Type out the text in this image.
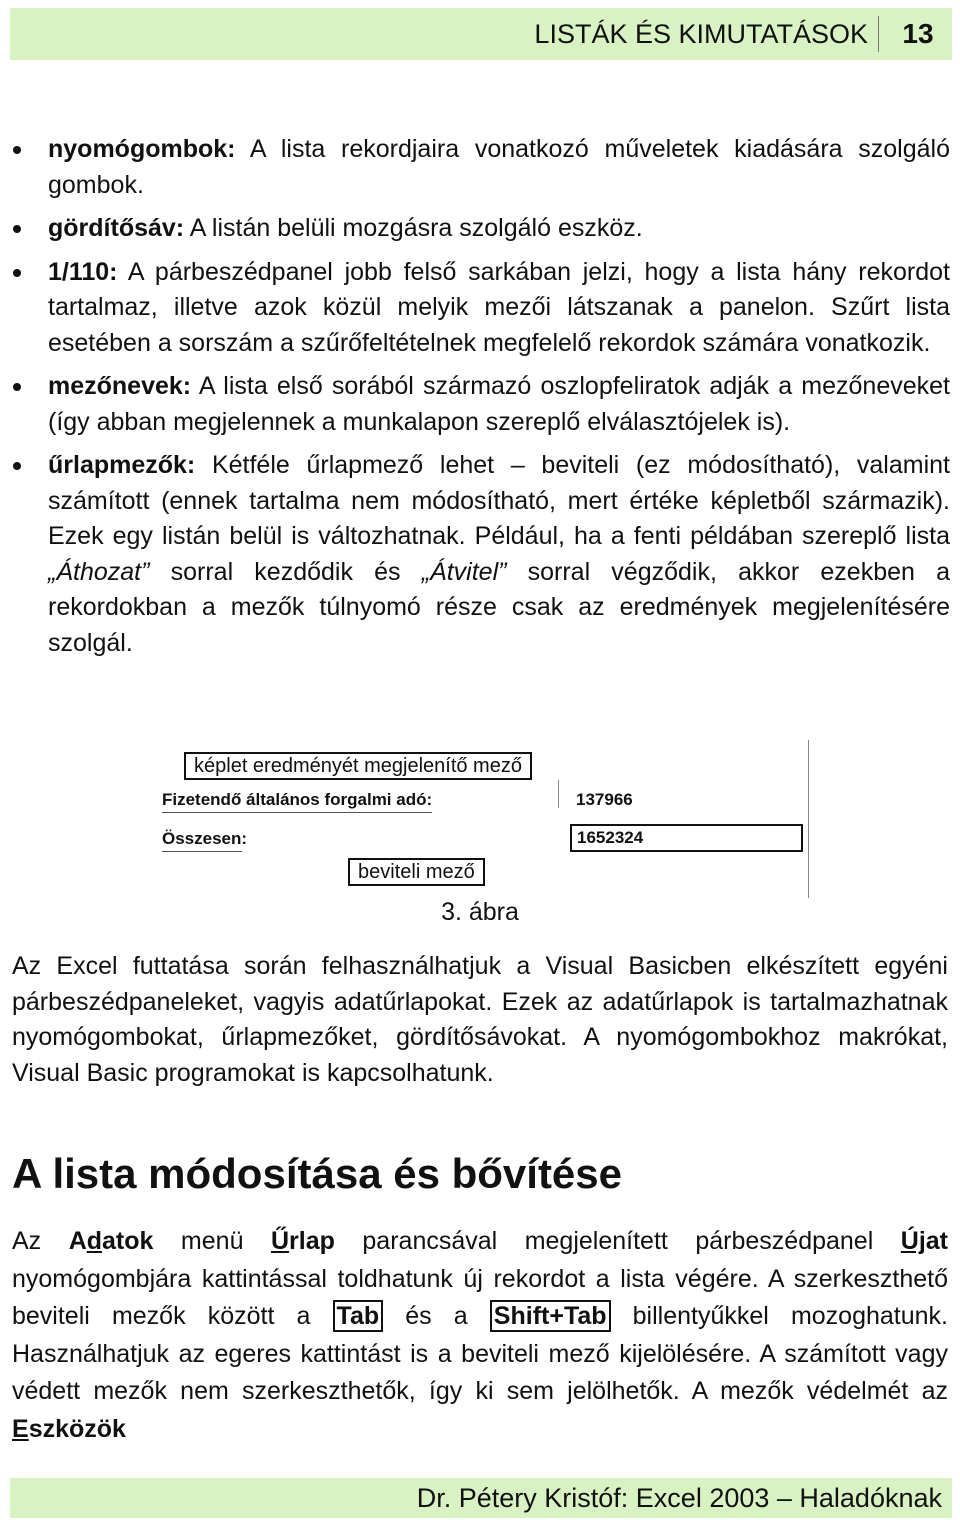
LISTÁK ÉS KIMUTATÁSOK	13
nyomógombok: A lista rekordjaira vonatkozó műveletek kiadására szolgáló gombok.
gördítősáv: A listán belüli mozgásra szolgáló eszköz.
1/110: A párbeszédpanel jobb felső sarkában jelzi, hogy a lista hány rekordot tartalmaz, illetve azok közül melyik mezői látszanak a panelon. Szűrt lista esetében a sorszám a szűrőfeltételnek megfelelő rekordok számára vonatkozik.
mezőnevek: A lista első sorából származó oszlopfeliratok adják a mezőneveket (így abban megjelennek a munkalapon szereplő elválasztójelek is).
űrlapmezők: Kétféle űrlapmező lehet – beviteli (ez módosítható), valamint számított (ennek tartalma nem módosítható, mert értéke képletből származik). Ezek egy listán belül is változhatnak. Például, ha a fenti példában szereplő lista „Áthozat” sorral kezdődik és „Átvitel” sorral végződik, akkor ezekben a rekordokban a mezők túlnyomó része csak az eredmények megjelenítésére szolgál.
képlet eredményét megjelenítő mező
Fizetendő általános forgalmi adó:	137966
Összesen:	1652324
beviteli mező
3. ábra

Az Excel futtatása során felhasználhatjuk a Visual Basicben elkészített egyéni párbeszédpaneleket, vagyis adatűrlapokat. Ezek az adatűrlapok is tartalmazhatnak nyomógombokat, űrlapmezőket, gördítősávokat. A nyomógombokhoz makrókat, Visual Basic programokat is kapcsolhatunk.

A lista módosítása és bővítése

Az Adatok menü Űrlap parancsával megjelenített párbeszédpanel Újat nyomógombjára kattintással toldhatunk új rekordot a lista végére. A szerkeszthető beviteli mezők között a Tab és a Shift+Tab billentyűkkel mozoghatunk. Használhatjuk az egeres kattintást is a beviteli mező kijelölésére. A számított vagy védett mezők nem szerkeszthetők, így ki sem jelölhetők. A mezők védelmét az Eszközök

Dr. Pétery Kristóf: Excel 2003 – Haladóknak
